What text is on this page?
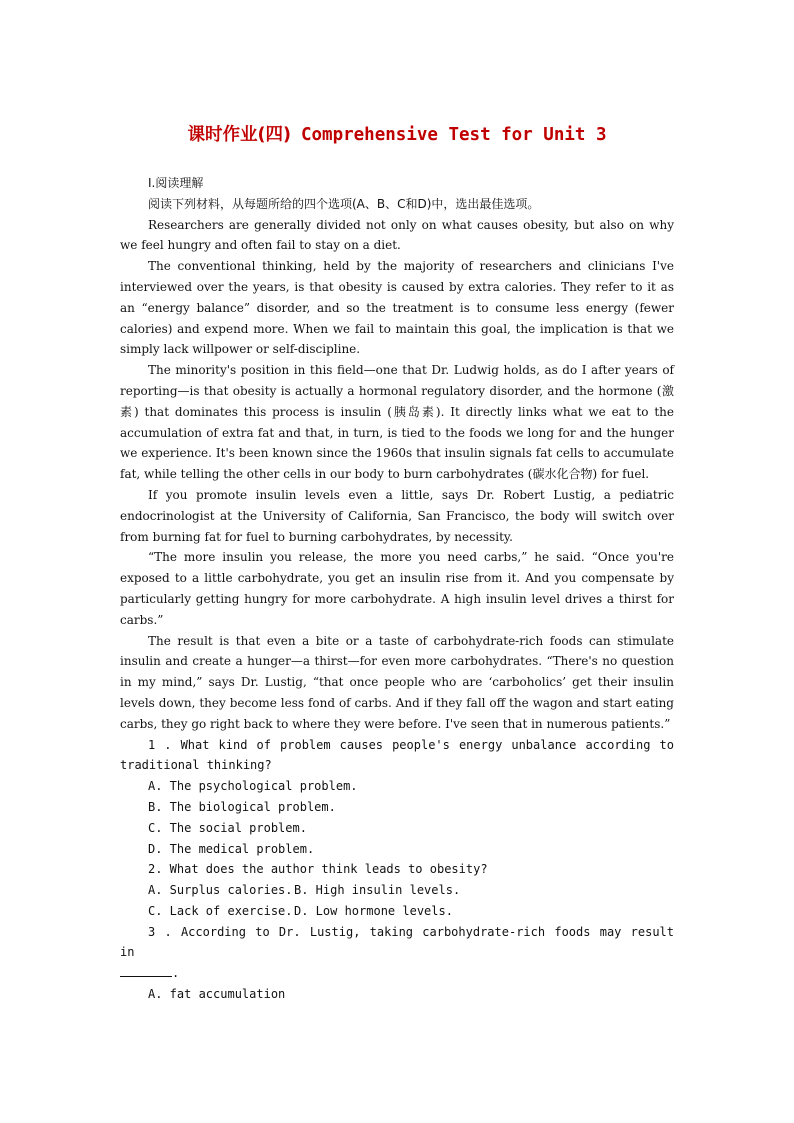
课时作业(四) Comprehensive Test for Unit 3

Ⅰ.阅读理解

阅读下列材料，从每题所给的四个选项(A、B、C和D)中，选出最佳选项。

Researchers are generally divided not only on what causes obesity, but also on why we feel hungry and often fail to stay on a diet.

The conventional thinking, held by the majority of researchers and clinicians I've interviewed over the years, is that obesity is caused by extra calories. They refer to it as an “energy balance” disorder, and so the treatment is to consume less energy (fewer calories) and expend more. When we fail to maintain this goal, the implication is that we simply lack willpower or self-discipline.

The minority's position in this field—one that Dr. Ludwig holds, as do I after years of reporting—is that obesity is actually a hormonal regulatory disorder, and the hormone (激素) that dominates this process is insulin (胰岛素). It directly links what we eat to the accumulation of extra fat and that, in turn, is tied to the foods we long for and the hunger we experience. It's been known since the 1960s that insulin signals fat cells to accumulate fat, while telling the other cells in our body to burn carbohydrates (碳水化合物) for fuel.

If you promote insulin levels even a little, says Dr. Robert Lustig, a pediatric endocrinologist at the University of California, San Francisco, the body will switch over from burning fat for fuel to burning carbohydrates, by necessity.

“The more insulin you release, the more you need carbs,” he said. “Once you're exposed to a little carbohydrate, you get an insulin rise from it. And you compensate by particularly getting hungry for more carbohydrate. A high insulin level drives a thirst for carbs.”

The result is that even a bite or a taste of carbohydrate-rich foods can stimulate insulin and create a hunger—a thirst—for even more carbohydrates. “There's no question in my mind,” says Dr. Lustig, “that once people who are ‘carboholics’ get their insulin levels down, they become less fond of carbs. And if they fall off the wagon and start eating carbs, they go right back to where they were before. I've seen that in numerous patients.”

1 . What kind of problem causes people's energy unbalance according to traditional thinking?

A. The psychological problem.

B. The biological problem.

C. The social problem.

D. The medical problem.

2. What does the author think leads to obesity?

A. Surplus calories. B. High insulin levels.

C. Lack of exercise. D. Low hormone levels.

3 . According to Dr. Lustig, taking carbohydrate-rich foods may result in

.

A. fat accumulation
